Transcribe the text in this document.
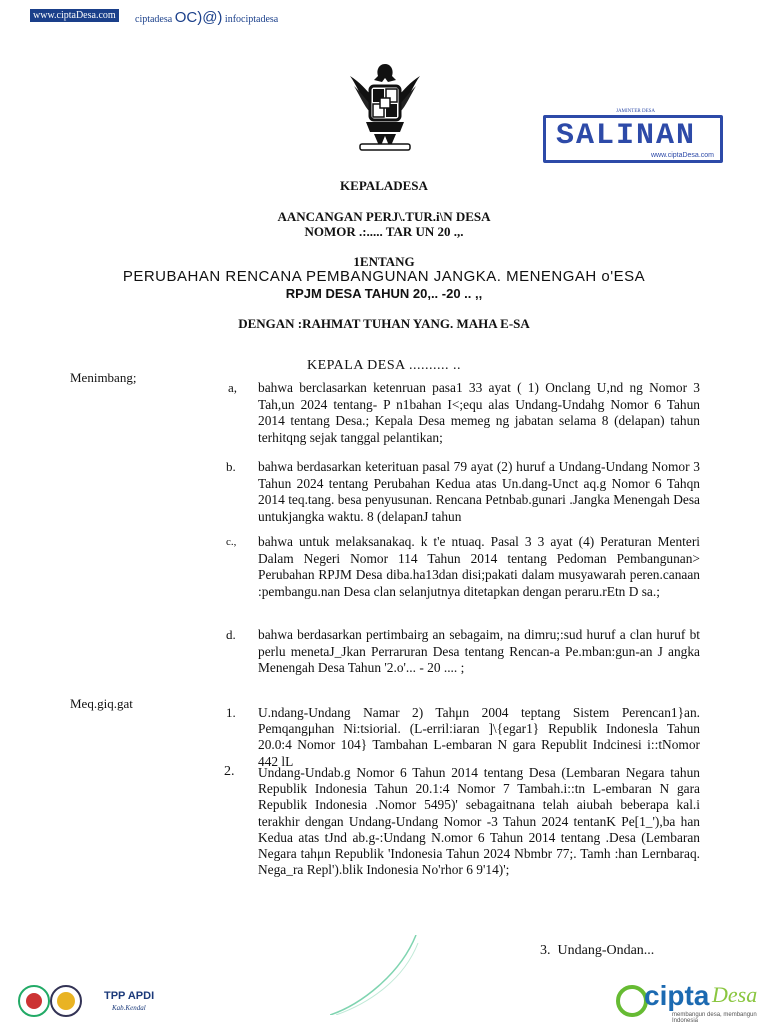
www.ciptaDesa.com	ciptadesa OC)@) infociptadesa
JAMINTER DESA
SALINAN
www.ciptaDesa.com
KEPALADESA
AANCANGAN PERJ\.TUR.i\N DESA
NOMOR .:..... TAR UN 20 .,.
1ENTANG
PERUBAHAN RENCANA PEMBANGUNAN JANGKA. MENENGAH o'ESA
RPJM DESA TAHUN 20,.. -20 .. ,,
DENGAN :RAHMAT TUHAN YANG. MAHA E-SA
KEPALA DESA .......... ..
Menimbang;
a, bahwa berclasarkan ketenruan pasa1 33 ayat ( 1) Onclang U,nd ng Nomor 3 Tah,un 2024 tentang- P n1bahan I<;equ alas Undang-Undahg Nomor 6 Tahun 2014 tentang Desa.; Kepala Desa memeg ng jabatan selama 8 (delapan) tahun terhitqng sejak tanggal pelantikan;
b. bahwa berdasarkan keterituan pasal 79 ayat (2) huruf a Undang-Undang Nomor 3 Tahun 2024 tentang Perubahan Kedua atas Un.dang-Unct aq.g Nomor 6 Tahqn 2014 teq.tang. besa penyusunan. Rencana Petnbab.gunari .Jangka Menengah Desa untukjangka waktu. 8 (delapanJ tahun
c., bahwa untuk melaksanakaq. k t'e ntuaq. Pasal 3 3 ayat (4) Peraturan Menteri Dalam Negeri Nomor 114 Tahun 2014 tentang Pedoman Pembangunan> Perubahan RPJM Desa diba.ha13dan disi;pakati dalam musyawarah peren.canaan :pembangu.nan Desa clan selanjutnya ditetapkan dengan peraru.rEtn D sa.;
d. bahwa berdasarkan pertimbairg an sebagaim, na dimru;:sud huruf a clan huruf bt perlu menetaJ_Jkan Perraruran Desa tentang Rencan-a Pe.mban:gun-an J angka Menengah Desa Tahun '2.o'... - 20 .... ;
Meq.giq.gat
1. U.ndang-Undang Namar 2) Tahμn 2004 teptang Sistem Perencan1}an. Pemqangμhan Ni:tsiorial. (L-erril:iaran ]\{egar1} Republik Indonesla Tahun 20.0:4 Nomor 104} Tambahan L-embaran N gara Republit Indcinesi i::tNomor 442 lL
2. Undang-Undab.g Nomor 6 Tahun 2014 tentang Desa (Lembaran Negara tahun Republik Indonesia Tahun 20.1:4 Nomor 7 Tambah.i::tn L-embaran N gara Republik Indonesia .Nomor 5495)' sebagaitnana telah aiubah beberapa kal.i terakhir dengan Undang-Undang Nomor -3 Tahun 2024 tentanK Pe[1_'),ba han Kedua atas tJnd ab.g-:Undang N.omor 6 Tahun 2014 tentang .Desa (Lembaran Negara tahμn Republik 'Indonesia Tahun 2024 Nbmbr 77;. Tamh :han Lernbaraq. Nega_ra Repl').blik Indonesia No'rhor 6 9'14)';
3. Undang-Ondan...
TPP APDI
Kab.Kendal	cipta Desa
membangun desa, membangun Indonesia
